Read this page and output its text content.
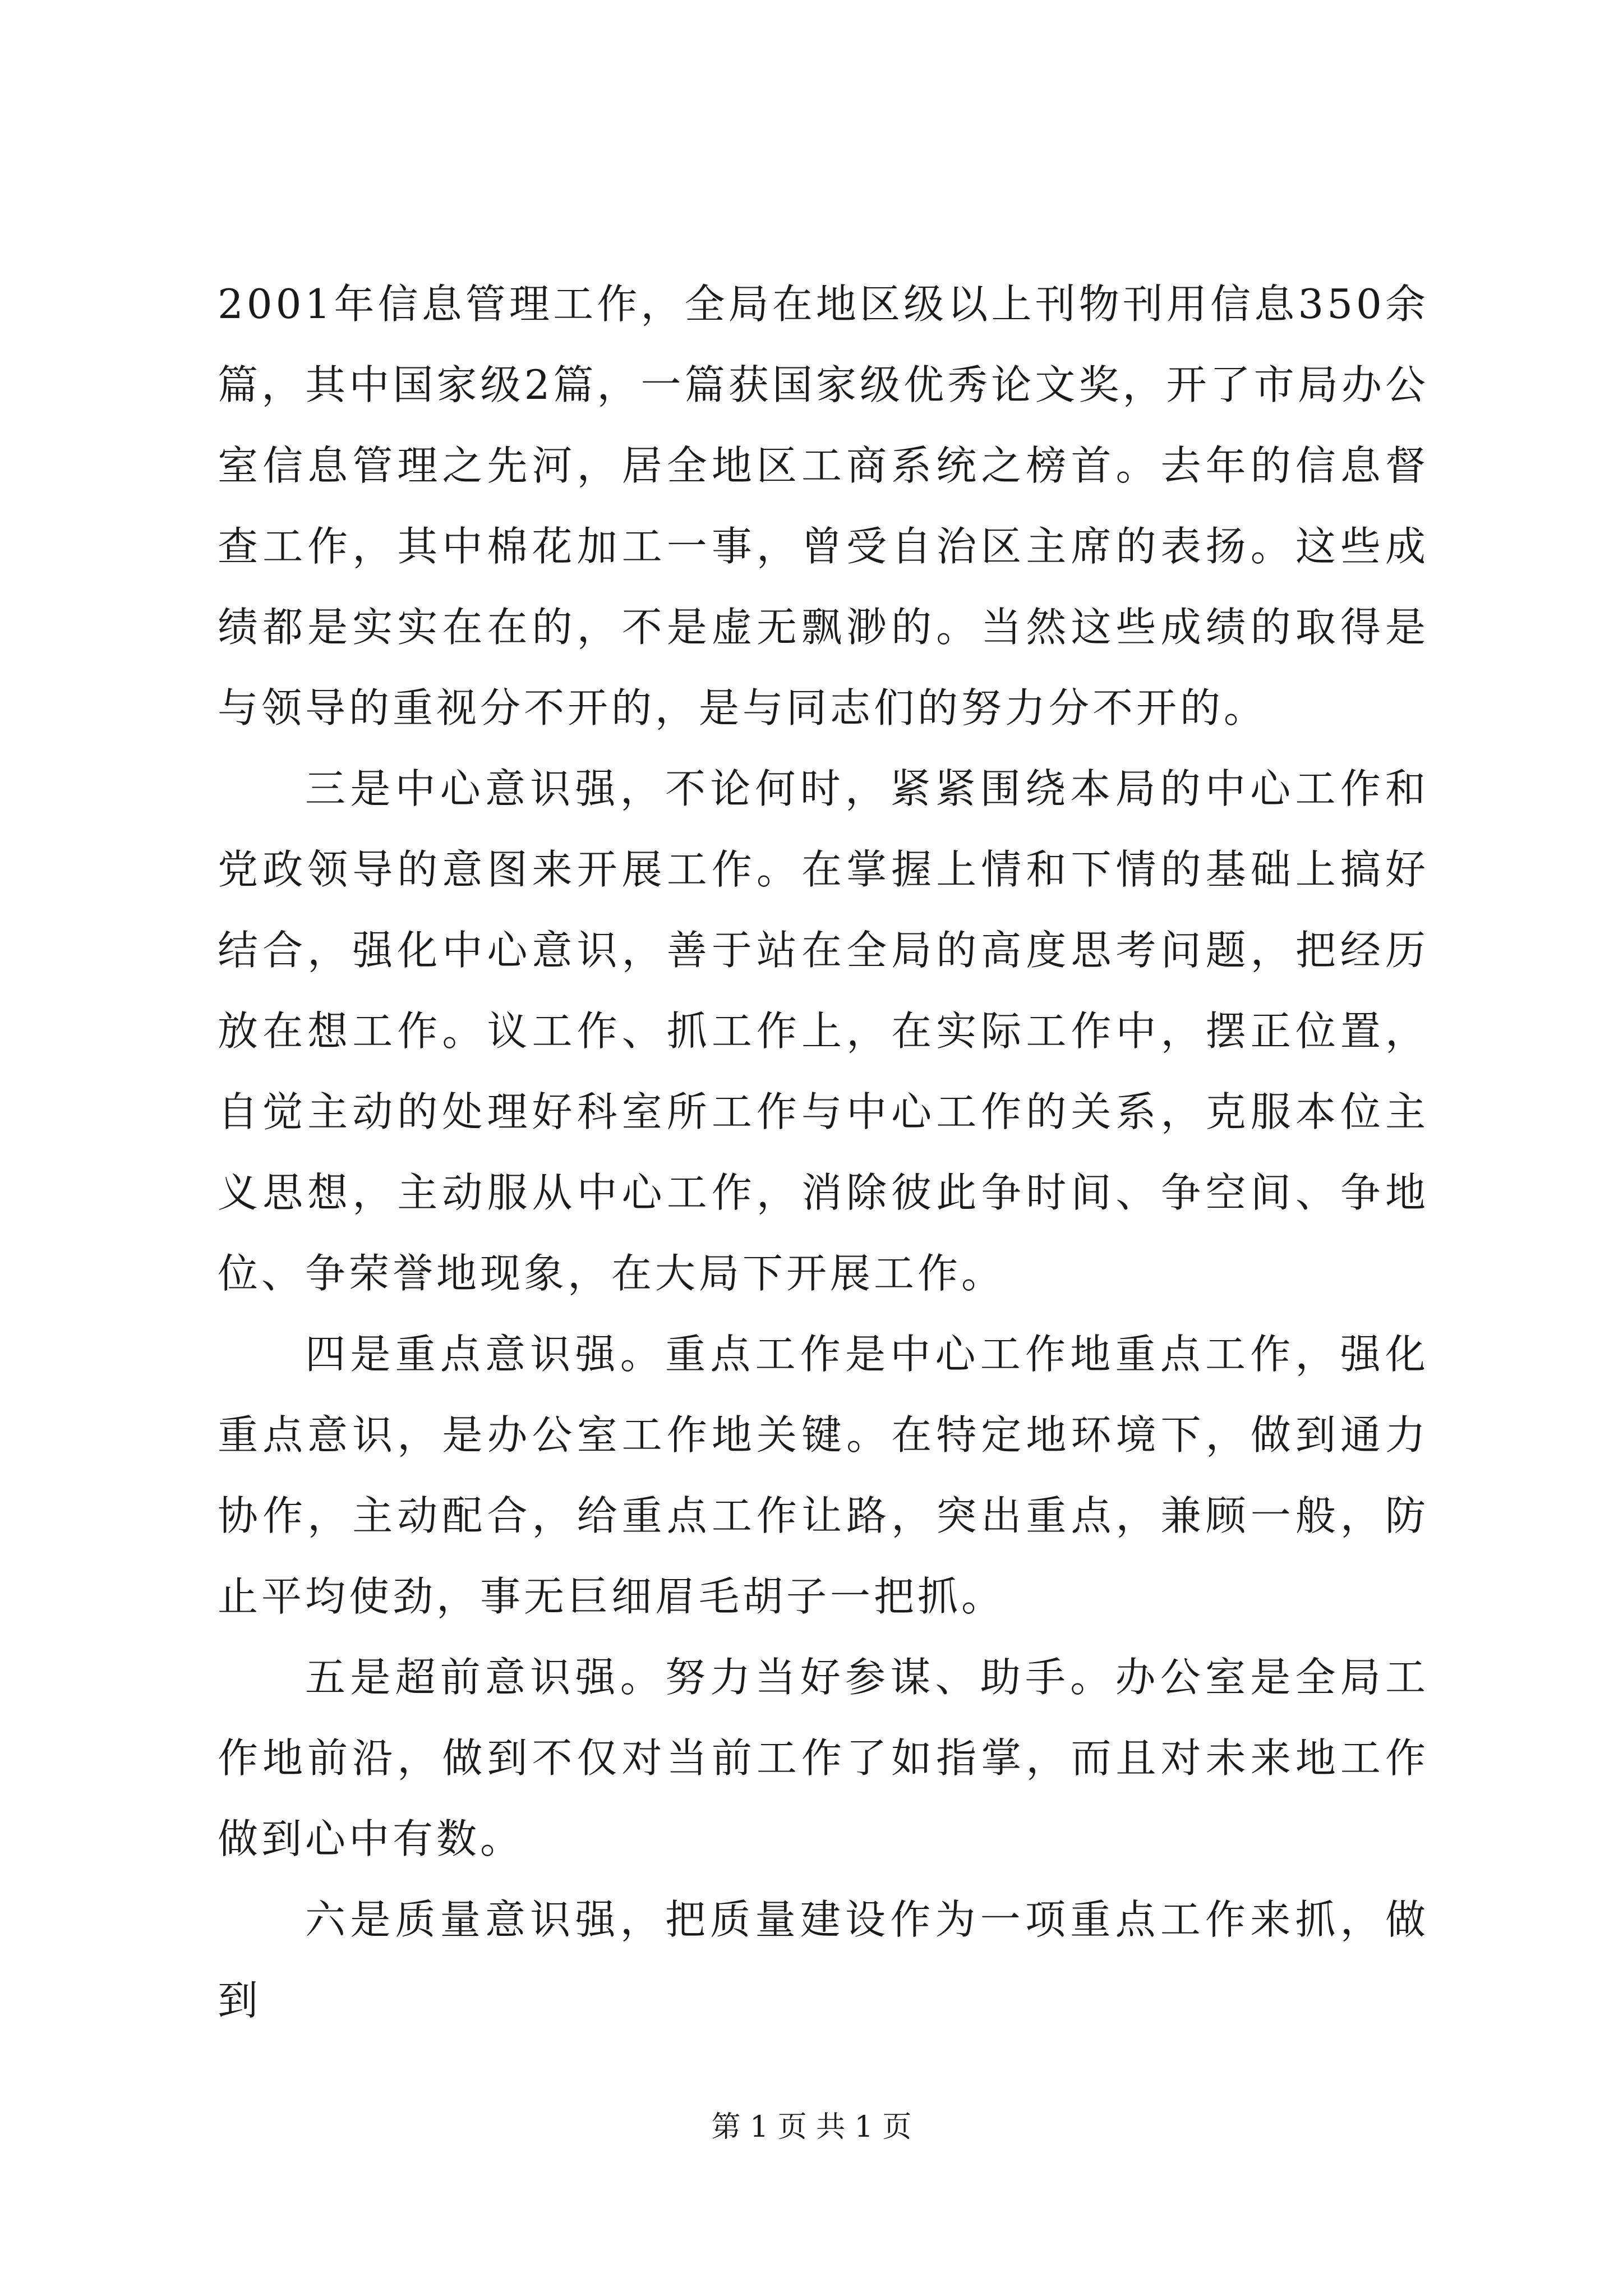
2001年信息管理工作，全局在地区级以上刊物刊用信息350余篇，其中国家级2篇，一篇获国家级优秀论文奖，开了市局办公室信息管理之先河，居全地区工商系统之榜首。去年的信息督查工作，其中棉花加工一事，曾受自治区主席的表扬。这些成绩都是实实在在的，不是虚无飘渺的。当然这些成绩的取得是与领导的重视分不开的，是与同志们的努力分不开的。

三是中心意识强，不论何时，紧紧围绕本局的中心工作和党政领导的意图来开展工作。在掌握上情和下情的基础上搞好结合，强化中心意识，善于站在全局的高度思考问题，把经历放在想工作。议工作、抓工作上，在实际工作中，摆正位置，自觉主动的处理好科室所工作与中心工作的关系，克服本位主义思想，主动服从中心工作，消除彼此争时间、争空间、争地位、争荣誉地现象，在大局下开展工作。

四是重点意识强。重点工作是中心工作地重点工作，强化重点意识，是办公室工作地关键。在特定地环境下，做到通力协作，主动配合，给重点工作让路，突出重点，兼顾一般，防止平均使劲，事无巨细眉毛胡子一把抓。

五是超前意识强。努力当好参谋、助手。办公室是全局工作地前沿，做到不仅对当前工作了如指掌，而且对未来地工作做到心中有数。

六是质量意识强，把质量建设作为一项重点工作来抓，做到

第 1 页 共 1 页
